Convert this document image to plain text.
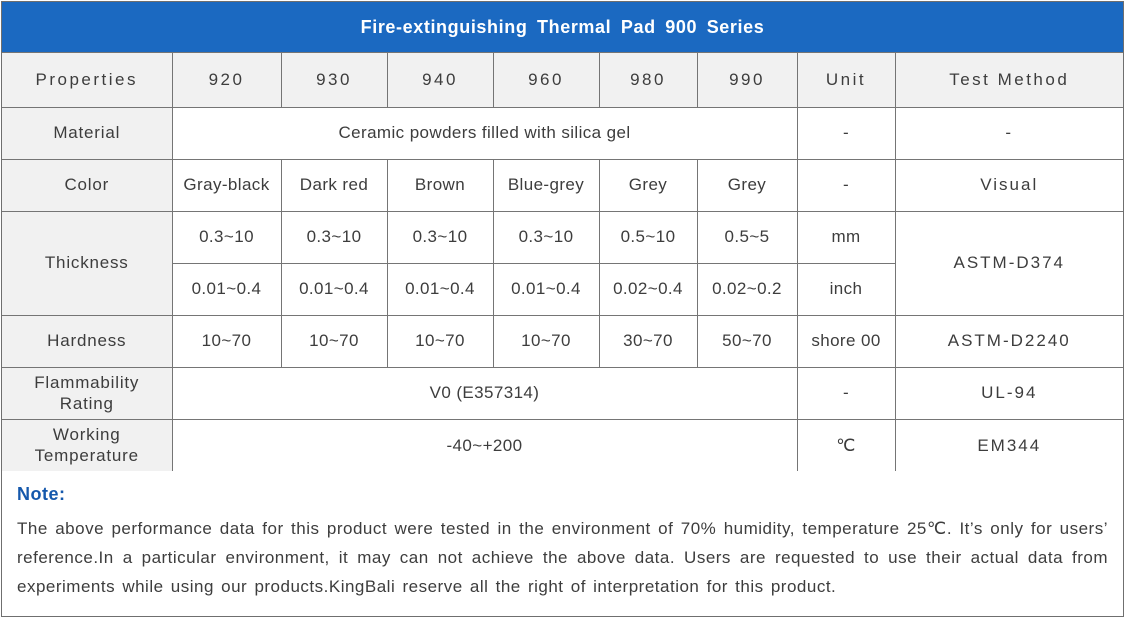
Fire-extinguishing Thermal Pad 900 Series
Properties	920	930	940	960	980	990	Unit	Test Method
Material	Ceramic powders filled with silica gel						-	-
Color	Gray-black	Dark red	Brown	Blue-grey	Grey	Grey	-	Visual
Thickness	0.3~10	0.3~10	0.3~10	0.3~10	0.5~10	0.5~5	mm	ASTM-D374
	0.01~0.4	0.01~0.4	0.01~0.4	0.01~0.4	0.02~0.4	0.02~0.2	inch	
Hardness	10~70	10~70	10~70	10~70	30~70	50~70	shore 00	ASTM-D2240
Flammability Rating	V0 (E357314)						-	UL-94
Working Temperature	-40~+200						℃	EM344
Note:

The above performance data for this product were tested in the environment of 70% humidity, temperature 25℃. It’s only for users’ reference.In a particular environment, it may can not achieve the above data. Users are requested to use their actual data from experiments while using our products.KingBali reserve all the right of interpretation for this product.
